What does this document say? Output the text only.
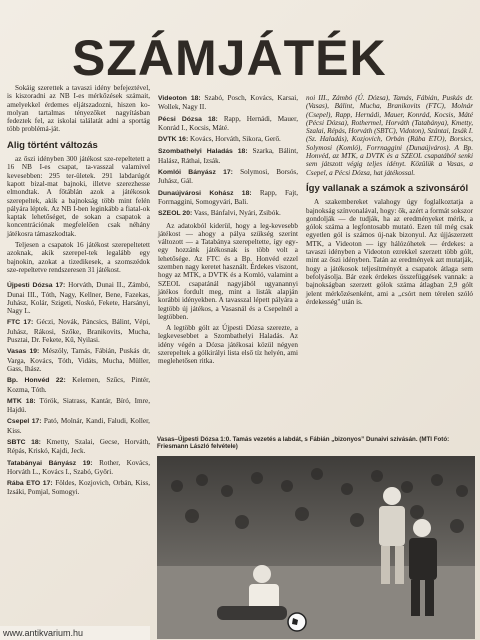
SZÁMJÁTÉK

Sokáig szerettek a tavaszi idény befejeztével, is kiszoradni az NB I-es mérkőzések számait, amelyekkel érdemes eljátszadozni, hiszen ko-molyan tartalmas tényezőket nagyításban fedeztek fel, az iskolai találatát adni a sportág több problémá-ját.

Alig történt változás

az őszi idényben 300 játékost sze-repeltetett a 16 NB I-es csapat, ta-vasszal valamivel kevesebben: 295 ter-ületek. 291 labdarúgót kapott bizal-mat bajnoki, illetve szerezhesse elmondtak. A főtáblán azok a játékosok szerepeltek, akik a bajnokság több mint felén pályára léptek. Az NB I-ben leginkább a fiatal-ok kaptak lehetőséget, de sokan a csapatok a koncentrációnak megfelelően csak néhány játékosra támaszkodtak.

Teljesen a csapatok 16 játékost szerepeltetett azoknak, akik szerepel-tek legalább egy bajnokin, azokat a tizedikesek, a szomszédok sze-repeltetve rendszeresen 31 játékost.

Újpesti Dózsa 17: Horváth, Dunai II., Zámbó, Dunai III., Tóth, Nagy, Kellner, Bene, Fazekas, Juhász, Kolár, Szigeti, Noskó, Fekete, Harsányi, Nagy L.

FTC 17: Géczi, Novák, Páncsics, Bálint, Vépi, Juhász, Rákosi, Szőke, Branikovits, Mucha, Pusztai, Dr. Fekete, Kű, Nyilasi.

Vasas 19: Mészöly, Tamás, Fábián, Puskás dr, Varga, Kovács, Tóth, Vidáts, Mucha, Müller, Gass, Ihász.

Bp. Honvéd 22: Kelemen, Szűcs, Pintér, Kozma, Tóth.

MTK 18: Török, Siatrass, Kantár, Bíró, Imre, Hajdú.

Csepel 17: Pató, Molnár, Kandi, Faludi, Koller, Kiss.

SBTC 18: Kmetty, Szalai, Gecse, Horváth, Répás, Kriskó, Kajdi, Jeck.

Tatabányai Bányász 19: Rother, Kovács, Horváth L., Kovács I., Szabó, Győri.

Rába ETO 17: Földes, Kozjovich, Orbán, Kiss, Izsáki, Pomjal, Somogyi.

Videoton 18: Szabó, Posch, Kovács, Karsai, Wollek, Nagy II.

Pécsi Dózsa 18: Rapp, Hernádi, Mauer, Konrád I., Kocsis, Máté.

DVTK 16: Kovács, Horváth, Sikora, Gerő.

Szombathelyi Haladás 18: Szarka, Bálint, Halász, Ráthai, Izsák.

Komlói Bányász 17: Solymosi, Borsós, Juhász, Gál.

Dunaújvárosi Kohász 18: Rapp, Fajt, Forrnaggini, Somogyvári, Bali.

SZEOL 20: Vass, Bánfalvi, Nyári, Zsibók.

Az adatokból kiderül, hogy a leg-kevesebb játékost — ahogy a pálya szükség szerint változott — a Tatabánya szerepeltette, így egy-egy hozzánk játékosnak is több volt a lehetősége. Az FTC és a Bp. Honvéd ezzel szemben nagy keretet használt. Érdekes viszont, hogy az MTK, a DVTK és a Komló, valamint a SZEOL csapatánál nagyjából ugyanannyi játékos fordult meg, mint a listák alapján korábbi idényekben. A tavasszal lépett pályára a legtöbb új játékos, a Vasasnál és a Csepelnél a legtöbben.

A legtöbb gólt az Újpesti Dózsa szerezte, a legkevesebbet a Szombathelyi Haladás. Az idény végén a Dózsa játékosai közül négyen szerepeltek a gólkirályi lista első tíz helyén, ami meglehetősen ritka.

noi III., Zámbó (Ú. Dózsa), Tamás, Fábián, Puskás dr. (Vasas), Bálint, Mucha, Branikovits (FTC), Molnár (Csepel), Rapp, Hernádi, Mauer, Konrád, Kocsis, Máté (Pécsi Dózsa), Rothermel, Horváth (Tatabánya), Kmetty, Szalai, Répás, Horváth (SBTC), Vidoton), Szántai, Izsák I. (Sz. Haladás), Kozjovich, Orbán (Rába ETO), Borsics, Solymosi (Komló), Forrnaggini (Dunaújváros). A Bp. Honvéd, az MTK, a DVTK és a SZEOL csapatából senki sem játszott végig teljes idényt. Közülük a Vasas, a Csepel, a Pécsi Dózsa, hat játékossal.

Így vallanak a számok a szivonsáról

A szakembereket valahogy úgy foglalkoztatja a bajnokság színvonalával, hogy: ők, azért a formát sokszor gondolják — de tudják, ha az eredményeket mérik, a gólok száma a legfontosabb mutató. Ezen túl még csak egyetlen gól is számos új-nak bizonyul. Az újjászerzett MTK, a Videoton — igy hálózóhetek — érdekes: a tavaszi idényben a Videoton ezrekkel szerzett több gólt, mint az őszi idényben. Tatán az eredmények azt mutatják, hogy a játékosok teljesítményét a csapatok átlaga sem befolyásolja. Bár ezek érdekes összefüggések vannak: a bajnokságban szerzett gólok száma átlagban 2,9 gólt jelent mérkőzésenként, ami a ,,csórt nem térelen szóló érdekesség'' után is.

Vasas–Újpesti Dózsa 1:0. Tamás vezetés a labdát, s Fábián „bizonyos” Dunaivi szivásán. (MTI Fotó: Friesmann László felvétele)
www.antikvarium.hu
